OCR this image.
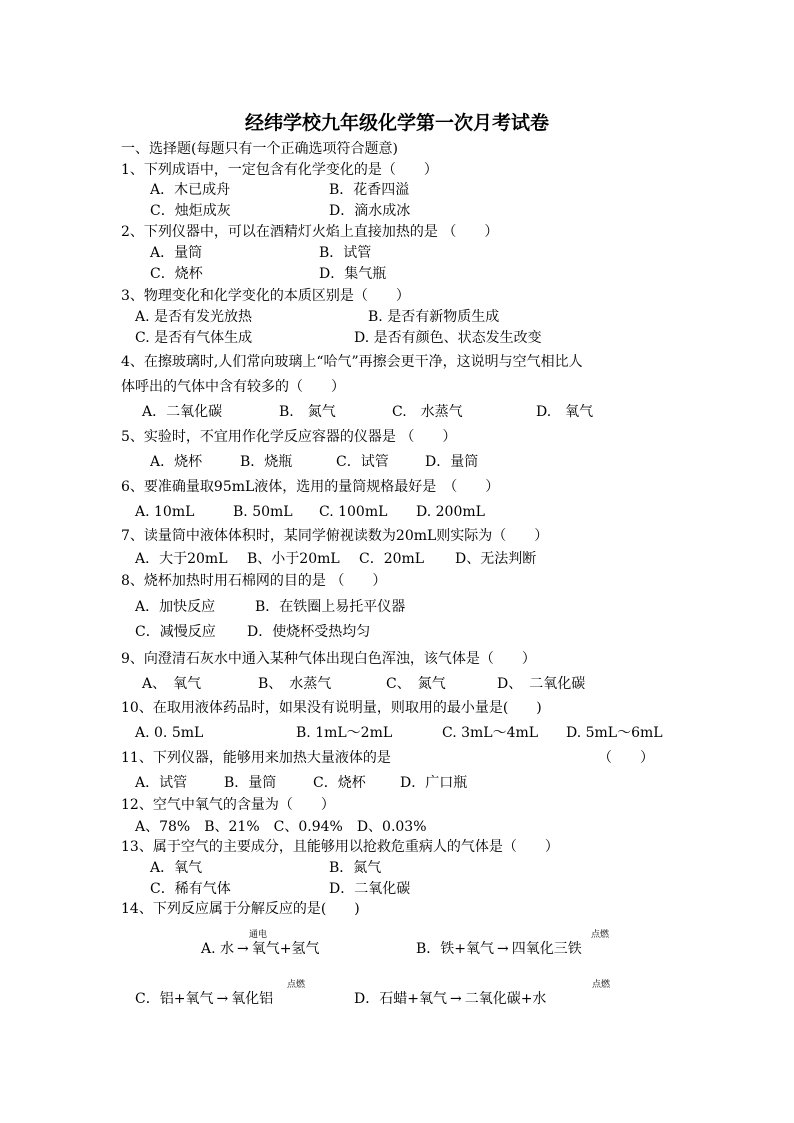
经纬学校九年级化学第一次月考试卷
一、选择题(每题只有一个正确选项符合题意)
1、下列成语中，一定包含有化学变化的是（　　）
A．木已成舟	B．花香四溢
C．烛炬成灰	D．滴水成冰
2、下列仪器中，可以在酒精灯火焰上直接加热的是 （　　）
A．量筒	B．试管
C．烧杯	D．集气瓶
3、物理变化和化学变化的本质区别是（　　）
A. 是否有发光放热	B. 是否有新物质生成
C. 是否有气体生成	D. 是否有颜色、状态发生改变
4、在擦玻璃时,人们常向玻璃上“哈气”再擦会更干净，这说明与空气相比人
体呼出的气体中含有较多的（　　）
A．二氧化碳	B.　氮气	C.　水蒸气	D.　氧气
5、实验时，不宜用作化学反应容器的仪器是 （　　）
A．烧杯	B．烧瓶	C．试管	D．量筒
6、要准确量取95mL液体，选用的量筒规格最好是　（　　）
A. 10mL	B. 50mL C. 100mL D. 200mL
7、读量筒中液体体积时，某同学俯视读数为20mL则实际为（　　）
A．大于20mL B、小于20mL C．20mL D、无法判断
8、烧杯加热时用石棉网的目的是 （　　）
A．加快反应	B．在铁圈上易托平仪器
C．减慢反应 D．使烧杯受热均匀
9、向澄清石灰水中通入某种气体出现白色浑浊，该气体是（　　）
A、　氧气	B、　水蒸气	C、　氮气	D、　二氧化碳
10、在取用液体药品时，如果没有说明量，则取用的最小量是(　　)
A. 0. 5mL	B. 1mL～2mL	C. 3mL～4mL D. 5mL～6mL
11、下列仪器，能够用来加热大量液体的是	（　　）
A．试管	B．量筒	C．烧杯 D．广口瓶
12、空气中氧气的含量为（　　）
A、78%　B、21%　C、0.94%　D、0.03%
13、属于空气的主要成分，且能够用以抢救危重病人的气体是（　　）
A．氧气	B．氮气
C．稀有气体	D．二氧化碳
14、下列反应属于分解反应的是(　　)
通电
A. 水 → 氧气+氢气
点燃
B．铁+氧气 → 四氧化三铁
点燃
C．铝+氧气 → 氧化铝
点燃
D．石蜡+氧气 → 二氧化碳+水
